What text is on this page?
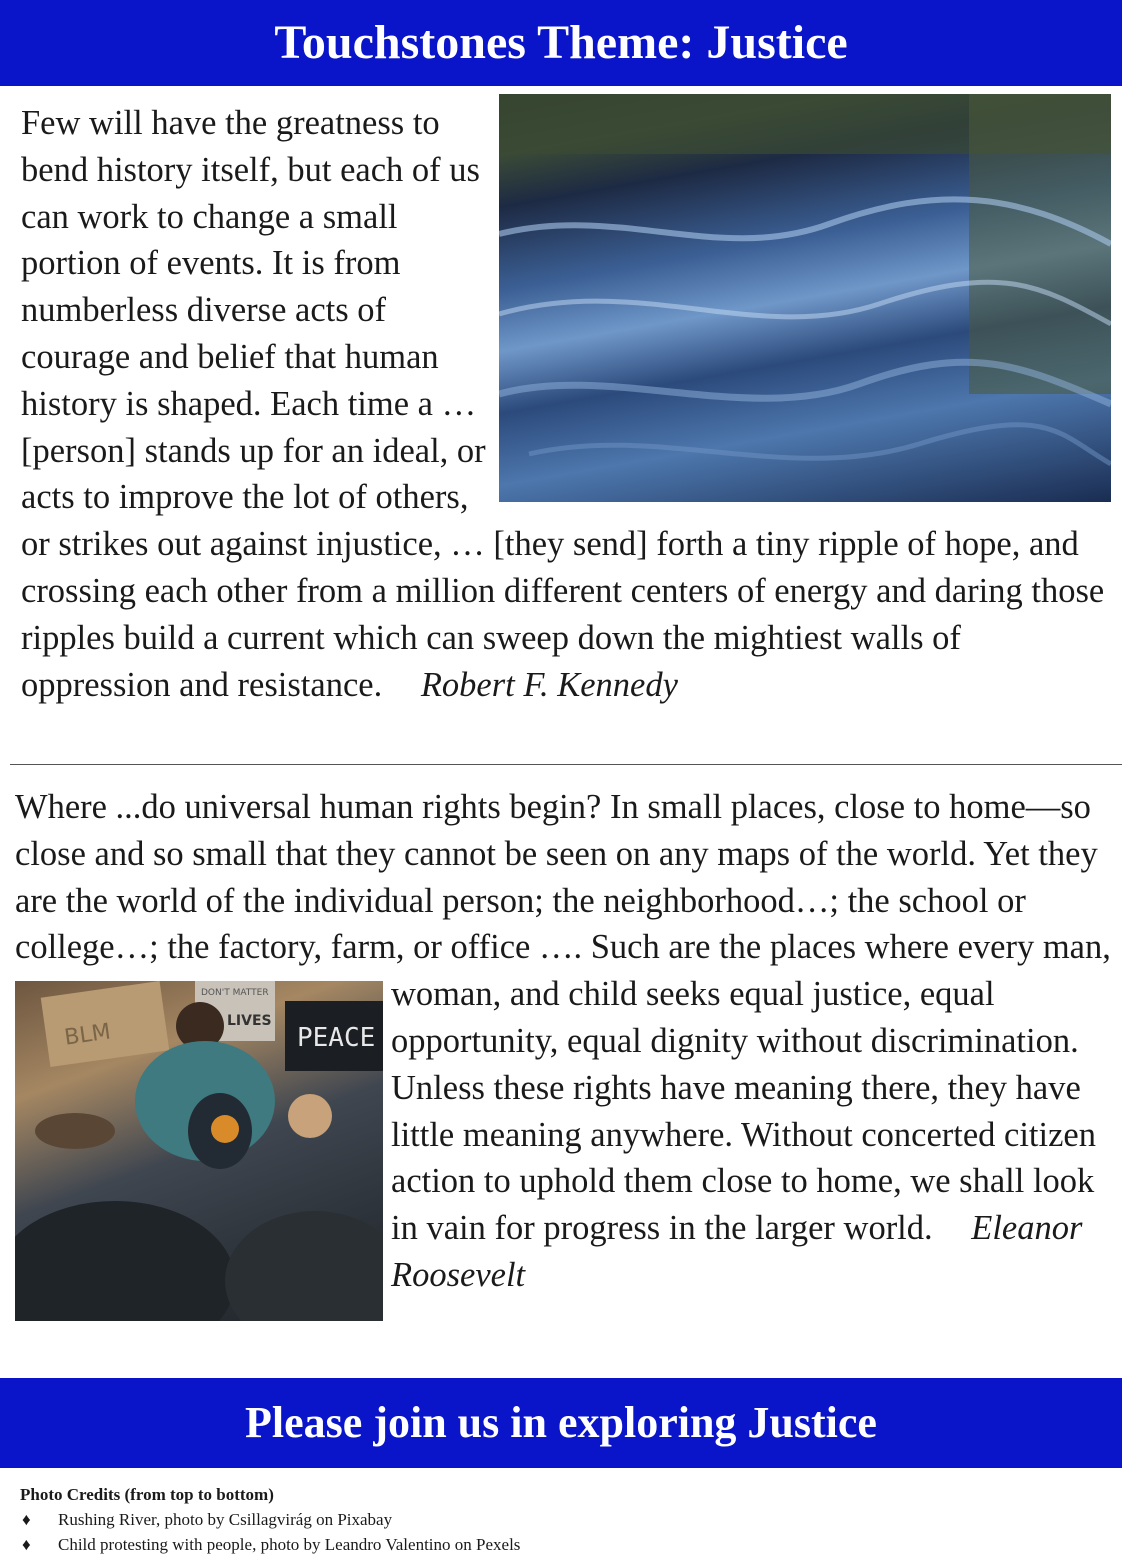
Touchstones Theme: Justice
Few will have the greatness to bend history itself, but each of us can work to change a small portion of events. It is from numberless diverse acts of courage and belief that human history is shaped. Each time a … [person] stands up for an ideal, or acts to improve the lot of others, or strikes out against injustice, … [they send] forth a tiny ripple of hope, and crossing each other from a million different centers of energy and daring those ripples build a current which can sweep down the mightiest walls of oppression and resistance. Robert F. Kennedy
Where ...do universal human rights begin? In small places, close to home—so close and so small that they cannot be seen on any maps of the world. Yet they are the world of the individual person; the neighborhood…; the school or college…; the factory, farm, or office …. Such are the places where every man, woman, and child
BLM
DON'T MATTER
LIVES
PEACE
seeks equal justice, equal opportunity, equal dignity without discrimination. Unless these rights have meaning there, they have little meaning anywhere. Without concerted citizen action to uphold them close to home, we shall look in vain for progress in the larger world. Eleanor Roosevelt
Please join us in exploring Justice
Photo Credits (from top to bottom)
♦ Rushing River, photo by Csillagvirág on Pixabay
♦ Child protesting with people, photo by Leandro Valentino on Pexels
